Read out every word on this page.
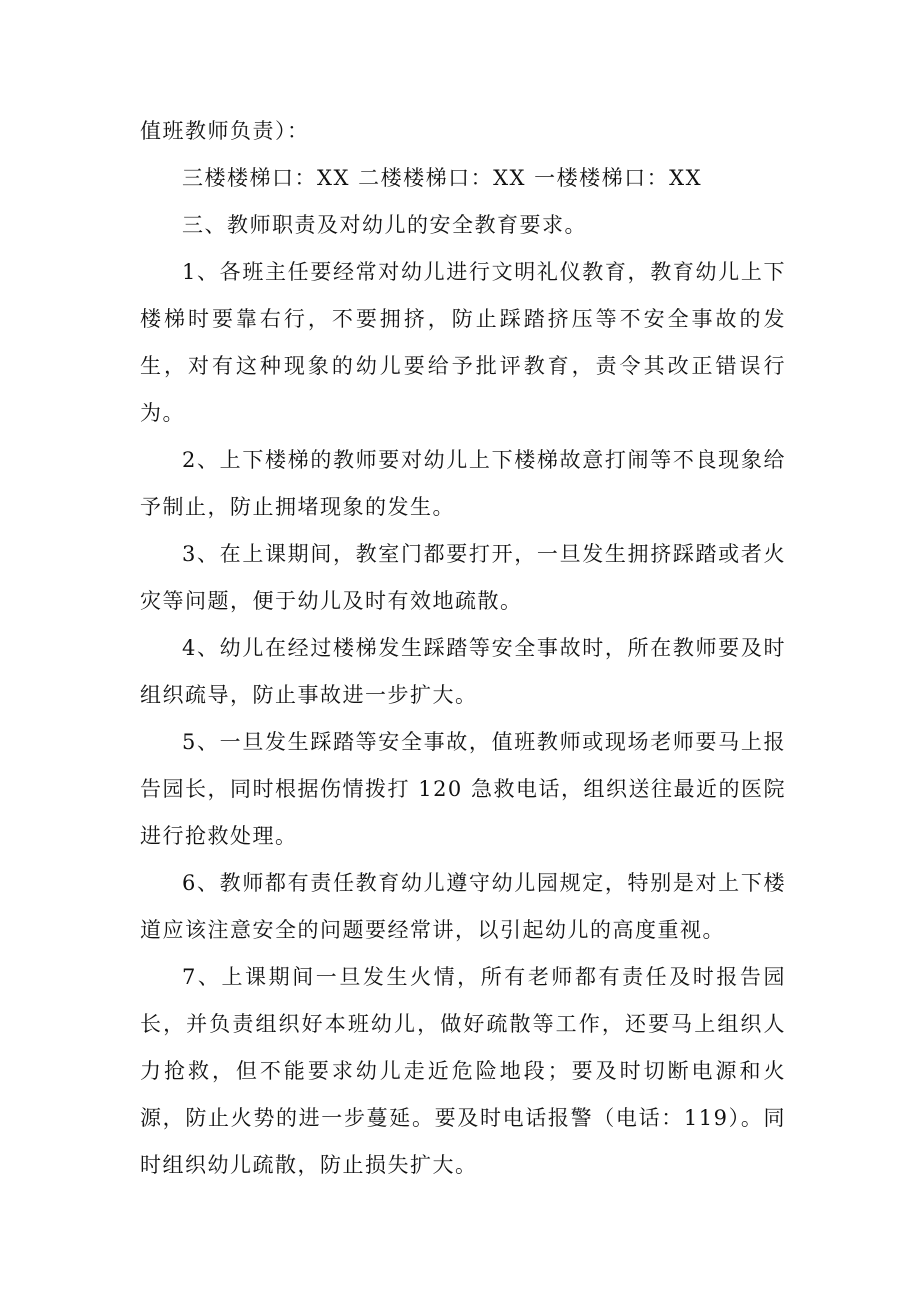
值班教师负责）：

三楼楼梯口：XX 二楼楼梯口：XX 一楼楼梯口：XX

三、教师职责及对幼儿的安全教育要求。

1、各班主任要经常对幼儿进行文明礼仪教育，教育幼儿上下楼梯时要靠右行，不要拥挤，防止踩踏挤压等不安全事故的发生，对有这种现象的幼儿要给予批评教育，责令其改正错误行为。

2、上下楼梯的教师要对幼儿上下楼梯故意打闹等不良现象给予制止，防止拥堵现象的发生。

3、在上课期间，教室门都要打开，一旦发生拥挤踩踏或者火灾等问题，便于幼儿及时有效地疏散。

4、幼儿在经过楼梯发生踩踏等安全事故时，所在教师要及时组织疏导，防止事故进一步扩大。

5、一旦发生踩踏等安全事故，值班教师或现场老师要马上报告园长，同时根据伤情拨打 120 急救电话，组织送往最近的医院进行抢救处理。

6、教师都有责任教育幼儿遵守幼儿园规定，特别是对上下楼道应该注意安全的问题要经常讲，以引起幼儿的高度重视。

7、上课期间一旦发生火情，所有老师都有责任及时报告园长，并负责组织好本班幼儿，做好疏散等工作，还要马上组织人力抢救，但不能要求幼儿走近危险地段；要及时切断电源和火源，防止火势的进一步蔓延。要及时电话报警（电话：119）。同时组织幼儿疏散，防止损失扩大。
